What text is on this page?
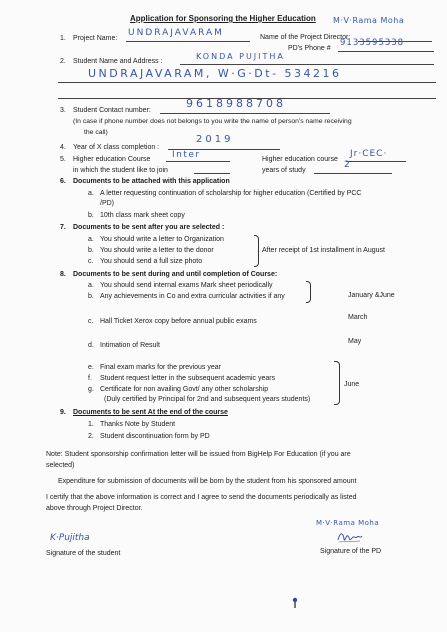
Application for Sponsoring the Higher Education
1. Project Name:
UNDRAJAVARAM
M·V·Rama Moha
Name of the Project Director:
PD's Phone #
9133595338
2. Student Name and Address :
KONDA PUJITHA
UNDRAJAVARAM, W·G·Dt- 534216
3. Student Contact number:
9618988708
(In case if phone number does not belongs to you write the name of person's name receiving
the call)
4. Year of X class completion :
2019
5. Higher education Course Inter
in which the student like to join
Higher education course
Jr·CEC·
years of study
2
6. Documents to be attached with this application
a. A letter requesting continuation of scholarship for higher education (Certified by PCC
/PD)
b. 10th class mark sheet copy
7. Documents to be sent after you are selected :
a. You should write a letter to Organization
b. You should write a letter to the donor
c. You should send a full size photo
After receipt of 1st installment in August
8. Documents to be sent during and until completion of Course:
a. You should send internal exams Mark sheet periodically
b. Any achievements in Co and extra curricular activities if any	January &June
c. Hall Ticket Xerox copy before annual public exams
March
d. Intimation of Result
May
e. Final exam marks for the previous year
f. Student request letter in the subsequent academic years
g. Certificate for non availing Govt/ any other scholarship
(Duly certified by Principal for 2nd and subsequent years students)
June
9. Documents to be sent At the end of the course
1. Thanks Note by Student
2. Student discontinuation form by PD
Note: Student sponsorship confirmation letter will be issued from BigHelp For Education (if you are
selected)
Expenditure for submission of documents will be born by the student from his sponsored amount
I certify that the above information is correct and I agree to send the documents periodically as listed
above through Project Director.
K·Pujitha
Signature of the student
M·V·Rama Moha
Signature of the PD
